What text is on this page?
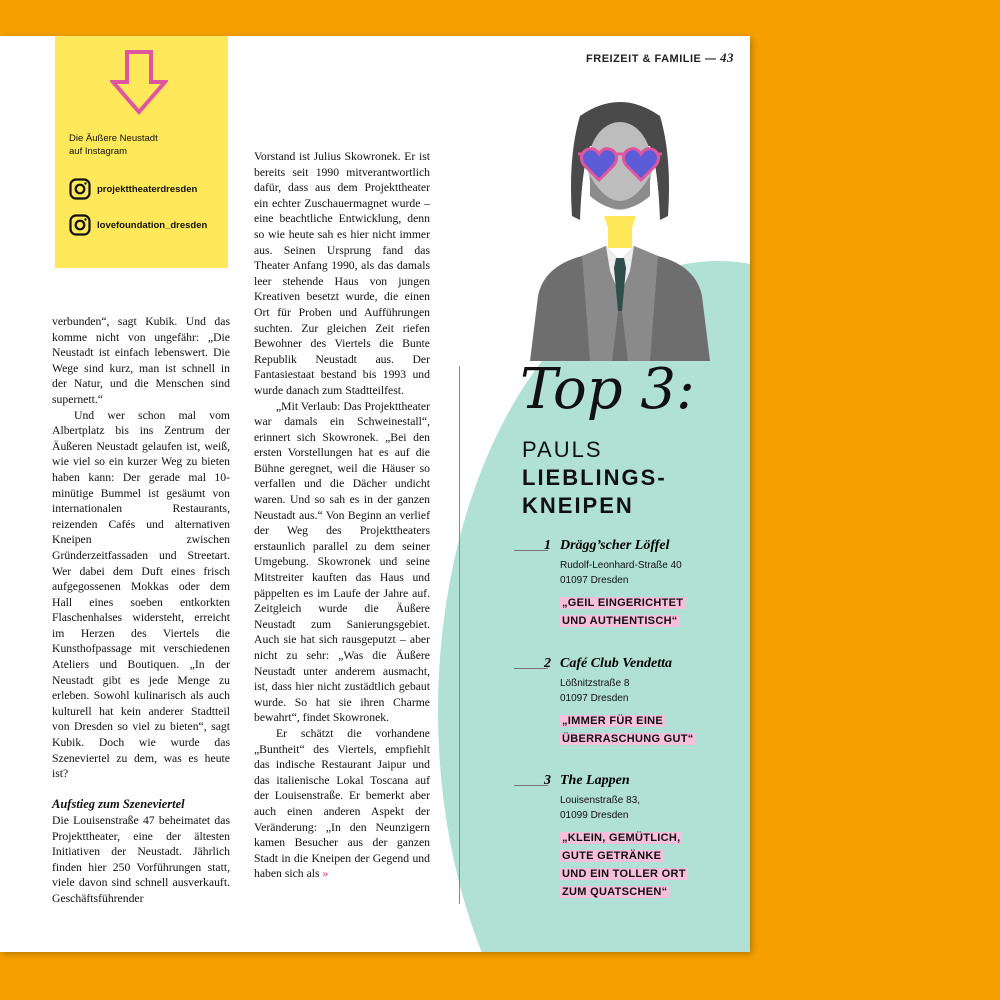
FREIZEIT & FAMILIE — 43
Die Äußere Neustadt
auf Instagram
projekttheaterdresden
lovefoundation_dresden

verbunden“, sagt Kubik. Und das komme nicht von ungefähr: „Die Neustadt ist einfach lebenswert. Die Wege sind kurz, man ist schnell in der Natur, und die Menschen sind supernett.“

Und wer schon mal vom Albertplatz bis ins Zentrum der Äußeren Neustadt gelaufen ist, weiß, wie viel so ein kurzer Weg zu bieten haben kann: Der gerade mal 10-minütige Bummel ist gesäumt von internationalen Restaurants, reizenden Cafés und alternativen Kneipen zwischen Gründerzeitfassaden und Streetart. Wer dabei dem Duft eines frisch aufgegossenen Mokkas oder dem Hall eines soeben entkorkten Flaschenhalses widersteht, erreicht im Herzen des Viertels die Kunsthofpassage mit verschiedenen Ateliers und Boutiquen. „In der Neustadt gibt es jede Menge zu erleben. Sowohl kulinarisch als auch kulturell hat kein anderer Stadtteil von Dresden so viel zu bieten“, sagt Kubik. Doch wie wurde das Szeneviertel zu dem, was es heute ist?

Aufstieg zum Szeneviertel

Die Louisenstraße 47 beheimatet das Projekttheater, eine der ältesten Initiativen der Neustadt. Jährlich finden hier 250 Vorführungen statt, viele davon sind schnell ausverkauft. Geschäftsführender

Vorstand ist Julius Skowronek. Er ist bereits seit 1990 mitverantwortlich dafür, dass aus dem Projekttheater ein echter Zuschauermagnet wurde – eine beachtliche Entwicklung, denn so wie heute sah es hier nicht immer aus. Seinen Ursprung fand das Theater Anfang 1990, als das damals leer stehende Haus von jungen Kreativen besetzt wurde, die einen Ort für Proben und Aufführungen suchten. Zur gleichen Zeit riefen Bewohner des Viertels die Bunte Republik Neustadt aus. Der Fantasiestaat bestand bis 1993 und wurde danach zum Stadtteilfest.

„Mit Verlaub: Das Projekttheater war damals ein Schweinestall“, erinnert sich Skowronek. „Bei den ersten Vorstellungen hat es auf die Bühne geregnet, weil die Häuser so verfallen und die Dächer undicht waren. Und so sah es in der ganzen Neustadt aus.“ Von Beginn an verlief der Weg des Projekttheaters erstaunlich parallel zu dem seiner Umgebung. Skowronek und seine Mitstreiter kauften das Haus und päppelten es im Laufe der Jahre auf. Zeitgleich wurde die Äußere Neustadt zum Sanierungsgebiet. Auch sie hat sich rausgeputzt – aber nicht zu sehr: „Was die Äußere Neustadt unter anderem ausmacht, ist, dass hier nicht zustädtlich gebaut wurde. So hat sie ihren Charme bewahrt“, findet Skowronek.

Er schätzt die vorhandene „Buntheit“ des Viertels, empfiehlt das indische Restaurant Jaipur und das italienische Lokal Toscana auf der Louisenstraße. Er bemerkt aber auch einen anderen Aspekt der Veränderung: „In den Neunzigern kamen Besucher aus der ganzen Stadt in die Kneipen der Gegend und haben sich als »

Top 3:
PAULS
LIEBLINGS-
KNEIPEN
1 Drägg’scher Löffel
Rudolf-Leonhard-Straße 40
01097 Dresden
„GEIL EINGERICHTET
UND AUTHENTISCH“
2 Café Club Vendetta
Lößnitzstraße 8
01097 Dresden
„IMMER FÜR EINE
ÜBERRASCHUNG GUT“
3 The Lappen
Louisenstraße 83,
01099 Dresden
„KLEIN, GEMÜTLICH,
GUTE GETRÄNKE
UND EIN TOLLER ORT
ZUM QUATSCHEN“
